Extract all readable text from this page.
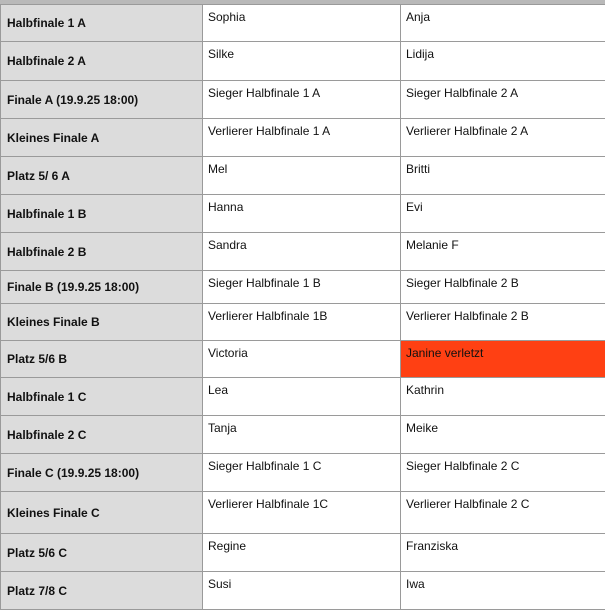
Halbfinale 1 A	Sophia	Anja
Halbfinale 2 A	Silke	Lidija
Finale A (19.9.25 18:00)	Sieger Halbfinale 1 A	Sieger Halbfinale 2 A
Kleines Finale A	Verlierer Halbfinale 1 A	Verlierer Halbfinale 2 A
Platz 5/ 6 A	Mel	Britti
Halbfinale 1 B	Hanna	Evi
Halbfinale 2 B	Sandra	Melanie F
Finale B (19.9.25 18:00)	Sieger Halbfinale 1 B	Sieger Halbfinale 2 B
Kleines Finale B	Verlierer Halbfinale 1B	Verlierer Halbfinale 2 B
Platz 5/6 B	Victoria	Janine verletzt
Halbfinale 1 C	Lea	Kathrin
Halbfinale 2 C	Tanja	Meike
Finale C (19.9.25 18:00)	Sieger Halbfinale 1 C	Sieger Halbfinale 2 C
Kleines Finale C	Verlierer Halbfinale 1C	Verlierer Halbfinale 2 C
Platz 5/6 C	Regine	Franziska
Platz 7/8 C	Susi	Iwa
